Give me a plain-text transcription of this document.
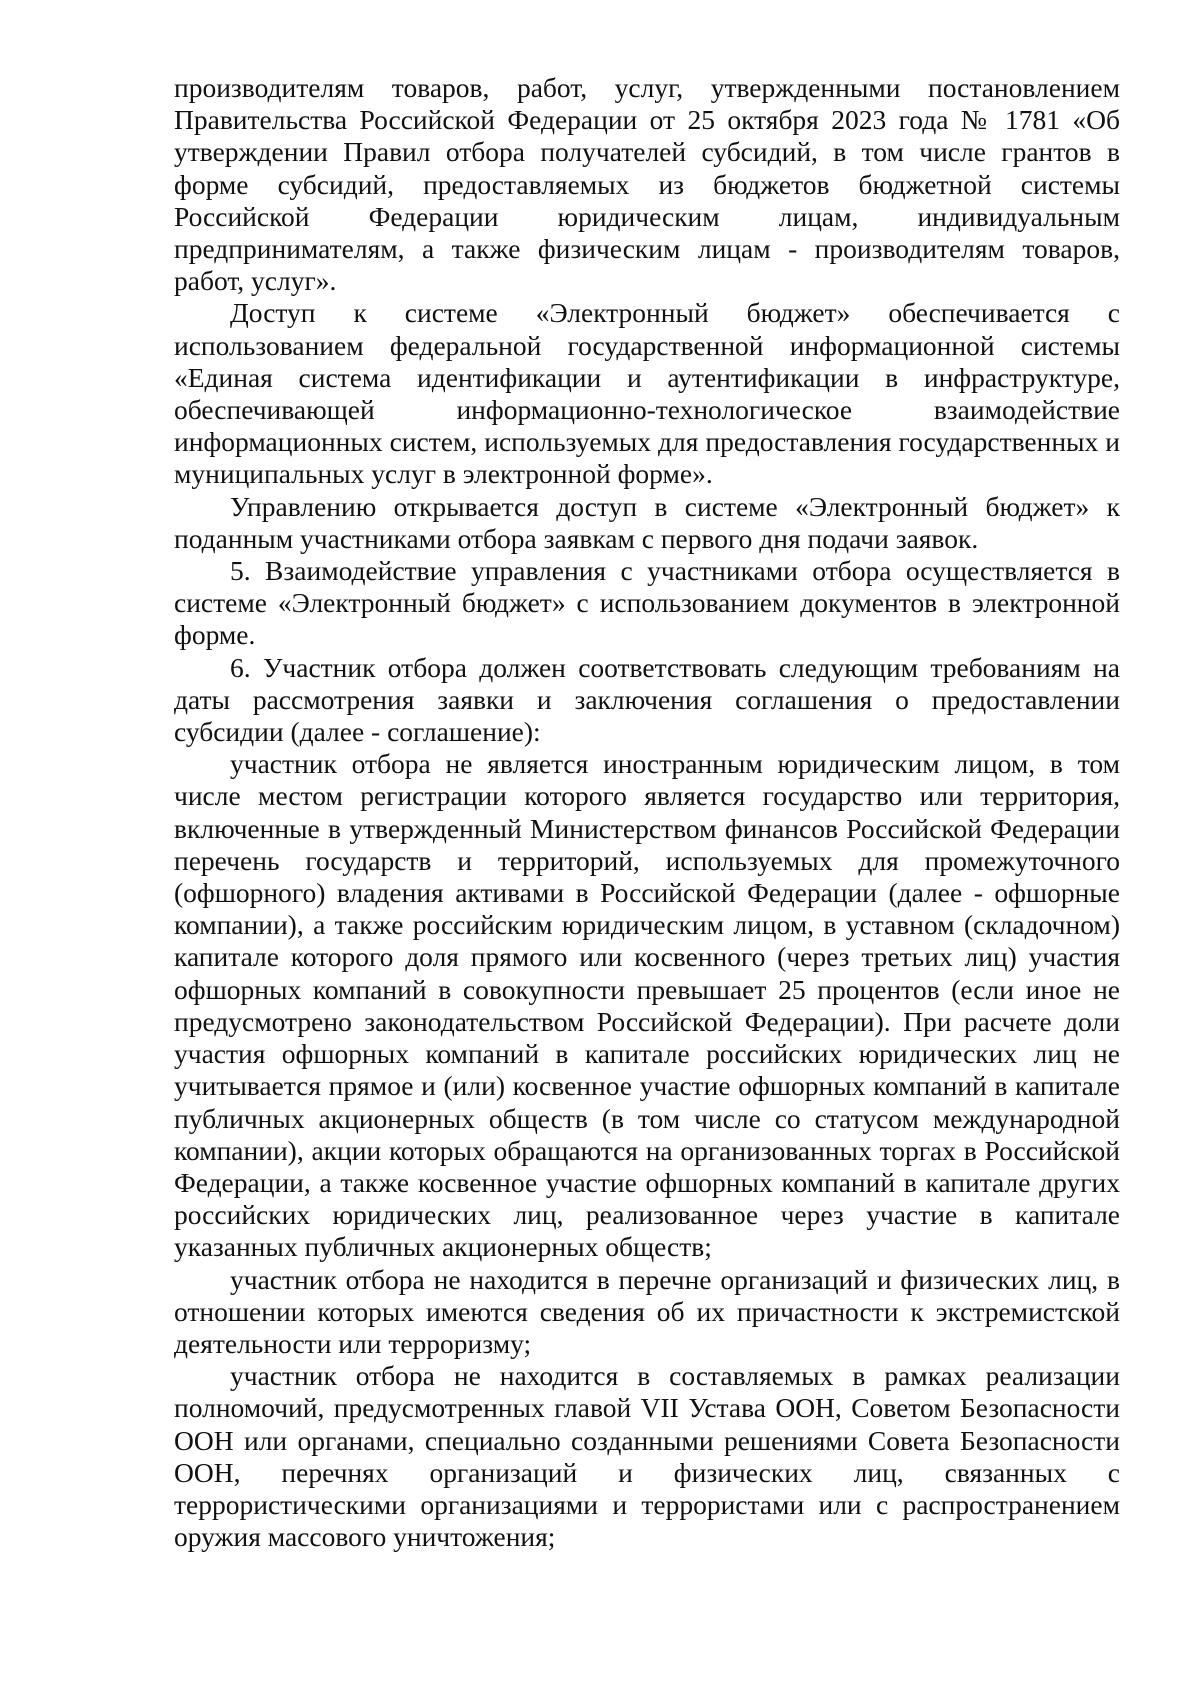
производителям товаров, работ, услуг, утвержденными постановлением Правительства Российской Федерации от 25 октября 2023 года № 1781 «Об утверждении Правил отбора получателей субсидий, в том числе грантов в форме субсидий, предоставляемых из бюджетов бюджетной системы Российской Федерации юридическим лицам, индивидуальным предпринимателям, а также физическим лицам - производителям товаров, работ, услуг».

Доступ к системе «Электронный бюджет» обеспечивается с использованием федеральной государственной информационной системы «Единая система идентификации и аутентификации в инфраструктуре, обеспечивающей информационно-технологическое взаимодействие информационных систем, используемых для предоставления государственных и муниципальных услуг в электронной форме».

Управлению открывается доступ в системе «Электронный бюджет» к поданным участниками отбора заявкам с первого дня подачи заявок.

5. Взаимодействие управления с участниками отбора осуществляется в системе «Электронный бюджет» с использованием документов в электронной форме.

6. Участник отбора должен соответствовать следующим требованиям на даты рассмотрения заявки и заключения соглашения о предоставлении субсидии (далее - соглашение):

участник отбора не является иностранным юридическим лицом, в том числе местом регистрации которого является государство или территория, включенные в утвержденный Министерством финансов Российской Федерации перечень государств и территорий, используемых для промежуточного (офшорного) владения активами в Российской Федерации (далее - офшорные компании), а также российским юридическим лицом, в уставном (складочном) капитале которого доля прямого или косвенного (через третьих лиц) участия офшорных компаний в совокупности превышает 25 процентов (если иное не предусмотрено законодательством Российской Федерации). При расчете доли участия офшорных компаний в капитале российских юридических лиц не учитывается прямое и (или) косвенное участие офшорных компаний в капитале публичных акционерных обществ (в том числе со статусом международной компании), акции которых обращаются на организованных торгах в Российской Федерации, а также косвенное участие офшорных компаний в капитале других российских юридических лиц, реализованное через участие в капитале указанных публичных акционерных обществ;

участник отбора не находится в перечне организаций и физических лиц, в отношении которых имеются сведения об их причастности к экстремистской деятельности или терроризму;

участник отбора не находится в составляемых в рамках реализации полномочий, предусмотренных главой VII Устава ООН, Советом Безопасности ООН или органами, специально созданными решениями Совета Безопасности ООН, перечнях организаций и физических лиц, связанных с террористическими организациями и террористами или с распространением оружия массового уничтожения;
